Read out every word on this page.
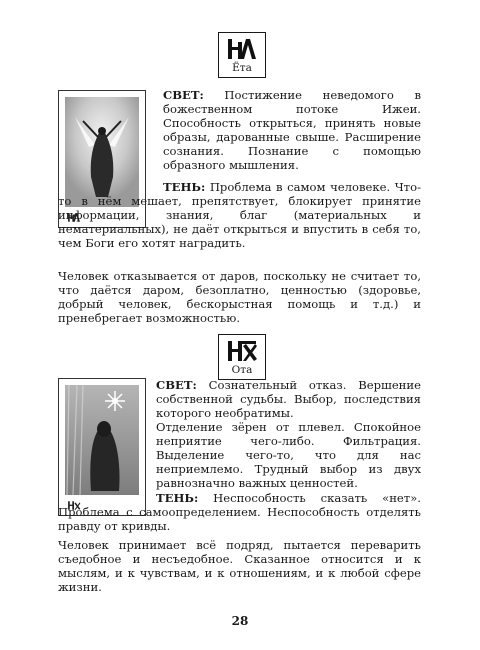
Ёта

СВЕТ: Постижение неведомого в божественном потоке Ижеи. Способность открыться, принять новые образы, дарованные свыше. Расширение сознания. Познание с помощью образного мышления.

ТЕНЬ: Проблема в самом человеке. Что-то в нём мешает, препятствует, блокирует принятие информации, знания, благ (материальных и нематериальных), не даёт открыться и впустить в себя то, чем Боги его хотят наградить.

Человек отказывается от даров, поскольку не считает то, что даётся даром, безоплатно, ценностью (здоровье, добрый человек, бескорыстная помощь и т.д.) и пренебрегает возможностью.

Ота

СВЕТ: Сознательный отказ. Вершение собственной судьбы. Выбор, последствия которого необратимы.

Отделение зёрен от плевел. Спокойное неприятие чего-либо. Фильтрация. Выделение чего-то, что для нас неприемлемо. Трудный выбор из двух равнозначно важных ценностей.

ТЕНЬ: Неспособность сказать «нет». Проблема с самоопределением. Неспособность отделять правду от кривды.

Человек принимает всё подряд, пытается переварить съедобное и несъедобное. Сказанное относится и к мыслям, и к чувствам, и к отношениям, и к любой сфере жизни.

28
